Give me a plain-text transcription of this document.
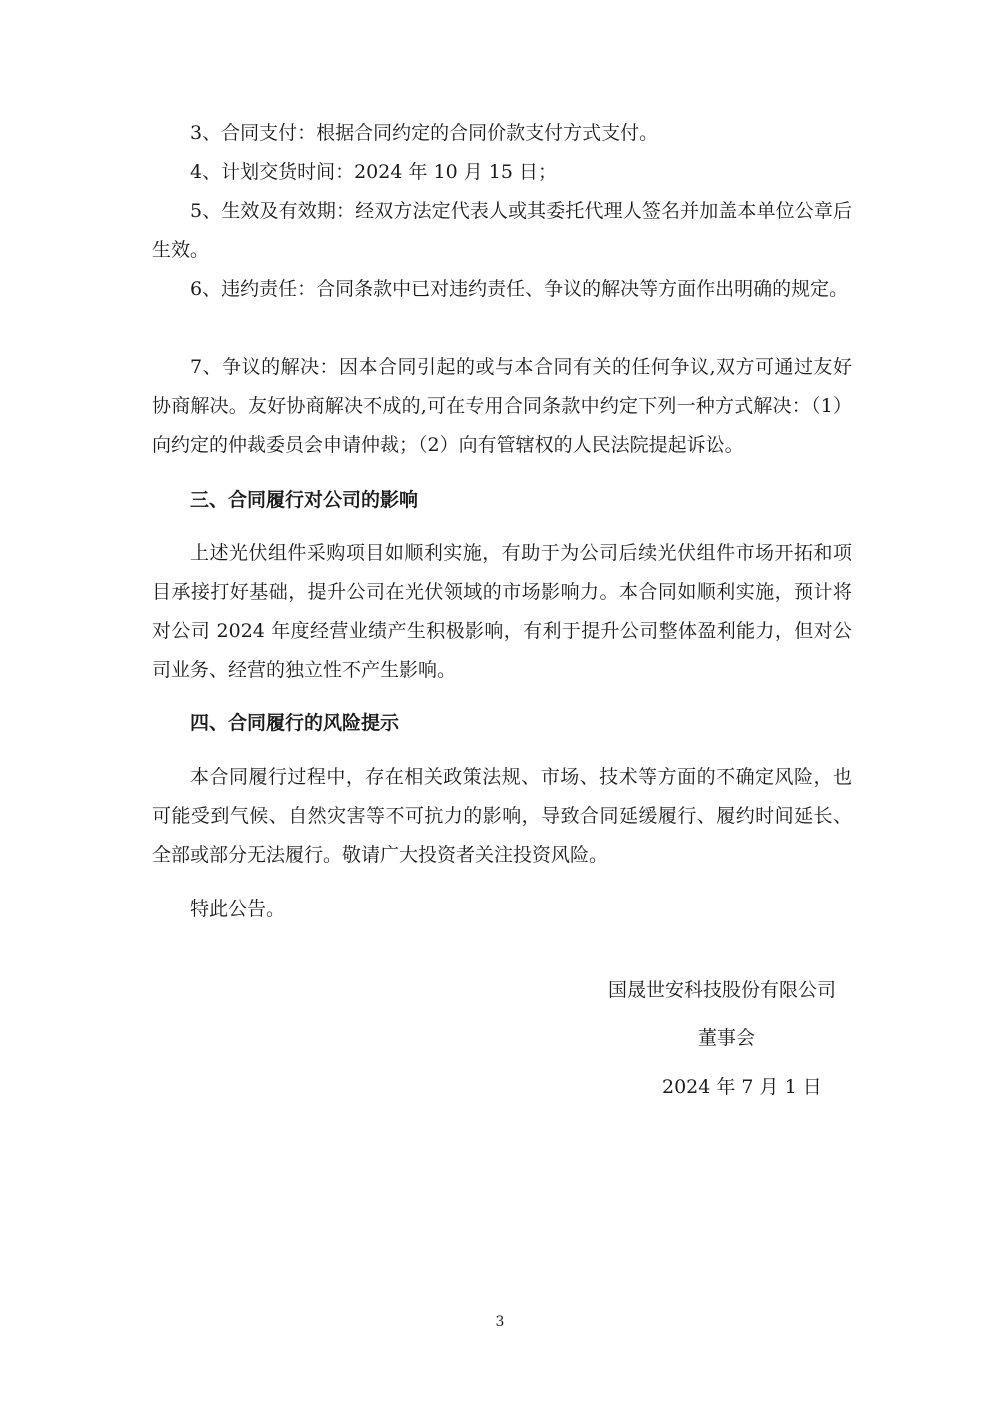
3、合同支付：根据合同约定的合同价款支付方式支付。

4、计划交货时间：2024 年 10 月 15 日；

5、生效及有效期：经双方法定代表人或其委托代理人签名并加盖本单位公章后生效。

6、违约责任：合同条款中已对违约责任、争议的解决等方面作出明确的规定。

7、争议的解决：因本合同引起的或与本合同有关的任何争议,双方可通过友好协商解决。友好协商解决不成的,可在专用合同条款中约定下列一种方式解决：（1） 向约定的仲裁委员会申请仲裁；（2）向有管辖权的人民法院提起诉讼。

三、合同履行对公司的影响

上述光伏组件采购项目如顺利实施，有助于为公司后续光伏组件市场开拓和项目承接打好基础，提升公司在光伏领域的市场影响力。本合同如顺利实施，预计将对公司 2024 年度经营业绩产生积极影响，有利于提升公司整体盈利能力，但对公司业务、经营的独立性不产生影响。

四、合同履行的风险提示

本合同履行过程中，存在相关政策法规、市场、技术等方面的不确定风险，也可能受到气候、自然灾害等不可抗力的影响，导致合同延缓履行、履约时间延长、全部或部分无法履行。敬请广大投资者关注投资风险。

特此公告。

国晟世安科技股份有限公司

董事会

2024 年 7 月 1 日

3
